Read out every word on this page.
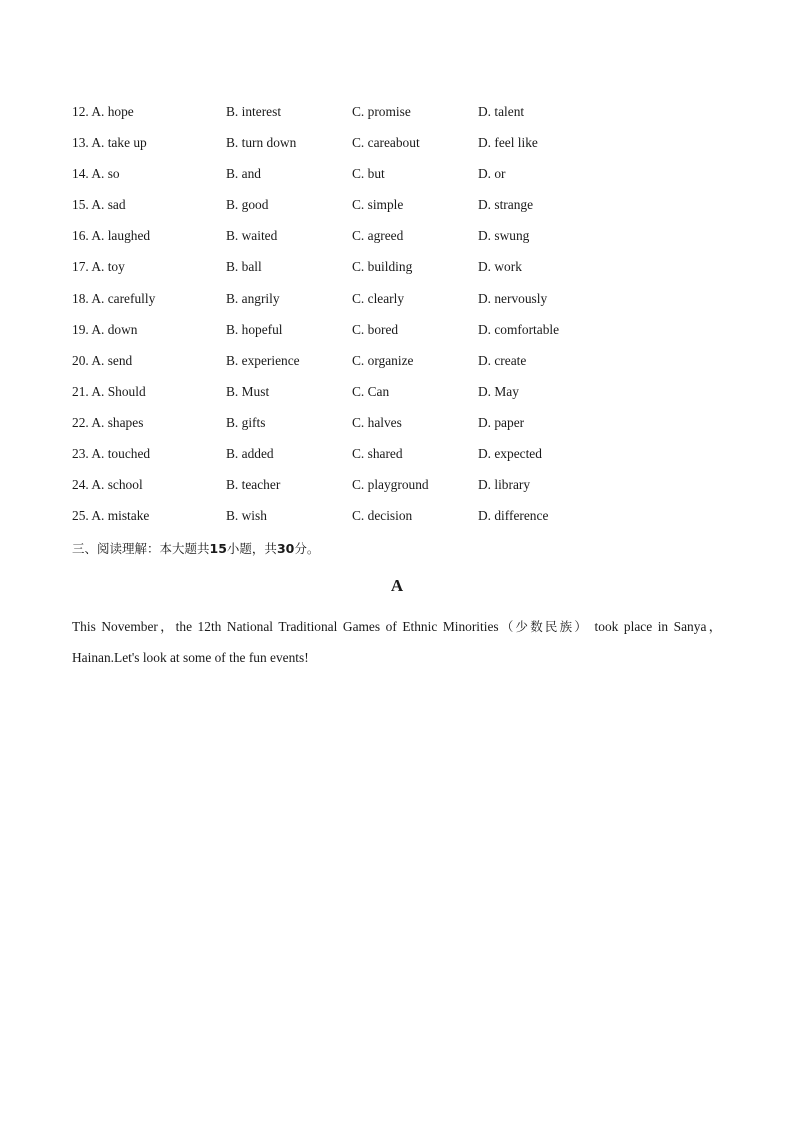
12. A. hope	B. interest	C. promise	D. talent
13. A. take up	B. turn down	C. careabout	D. feel like
14. A. so	B. and	C. but	D. or
15. A. sad	B. good	C. simple	D. strange
16. A. laughed	B. waited	C. agreed	D. swung
17. A. toy	B. ball	C. building	D. work
18. A. carefully	B. angrily	C. clearly	D. nervously
19. A. down	B. hopeful	C. bored	D. comfortable
20. A. send	B. experience	C. organize	D. create
21. A. Should	B. Must	C. Can	D. May
22. A. shapes	B. gifts	C. halves	D. paper
23. A. touched	B. added	C. shared	D. expected
24. A. school	B. teacher	C. playground	D. library
25. A. mistake	B. wish	C. decision	D. difference
三、阅读理解：本大题共15小题，共30分。
A
This November，the 12th National Traditional Games of Ethnic Minorities（少数民族） took place in Sanya，Hainan.Let's look at some of the fun events!
